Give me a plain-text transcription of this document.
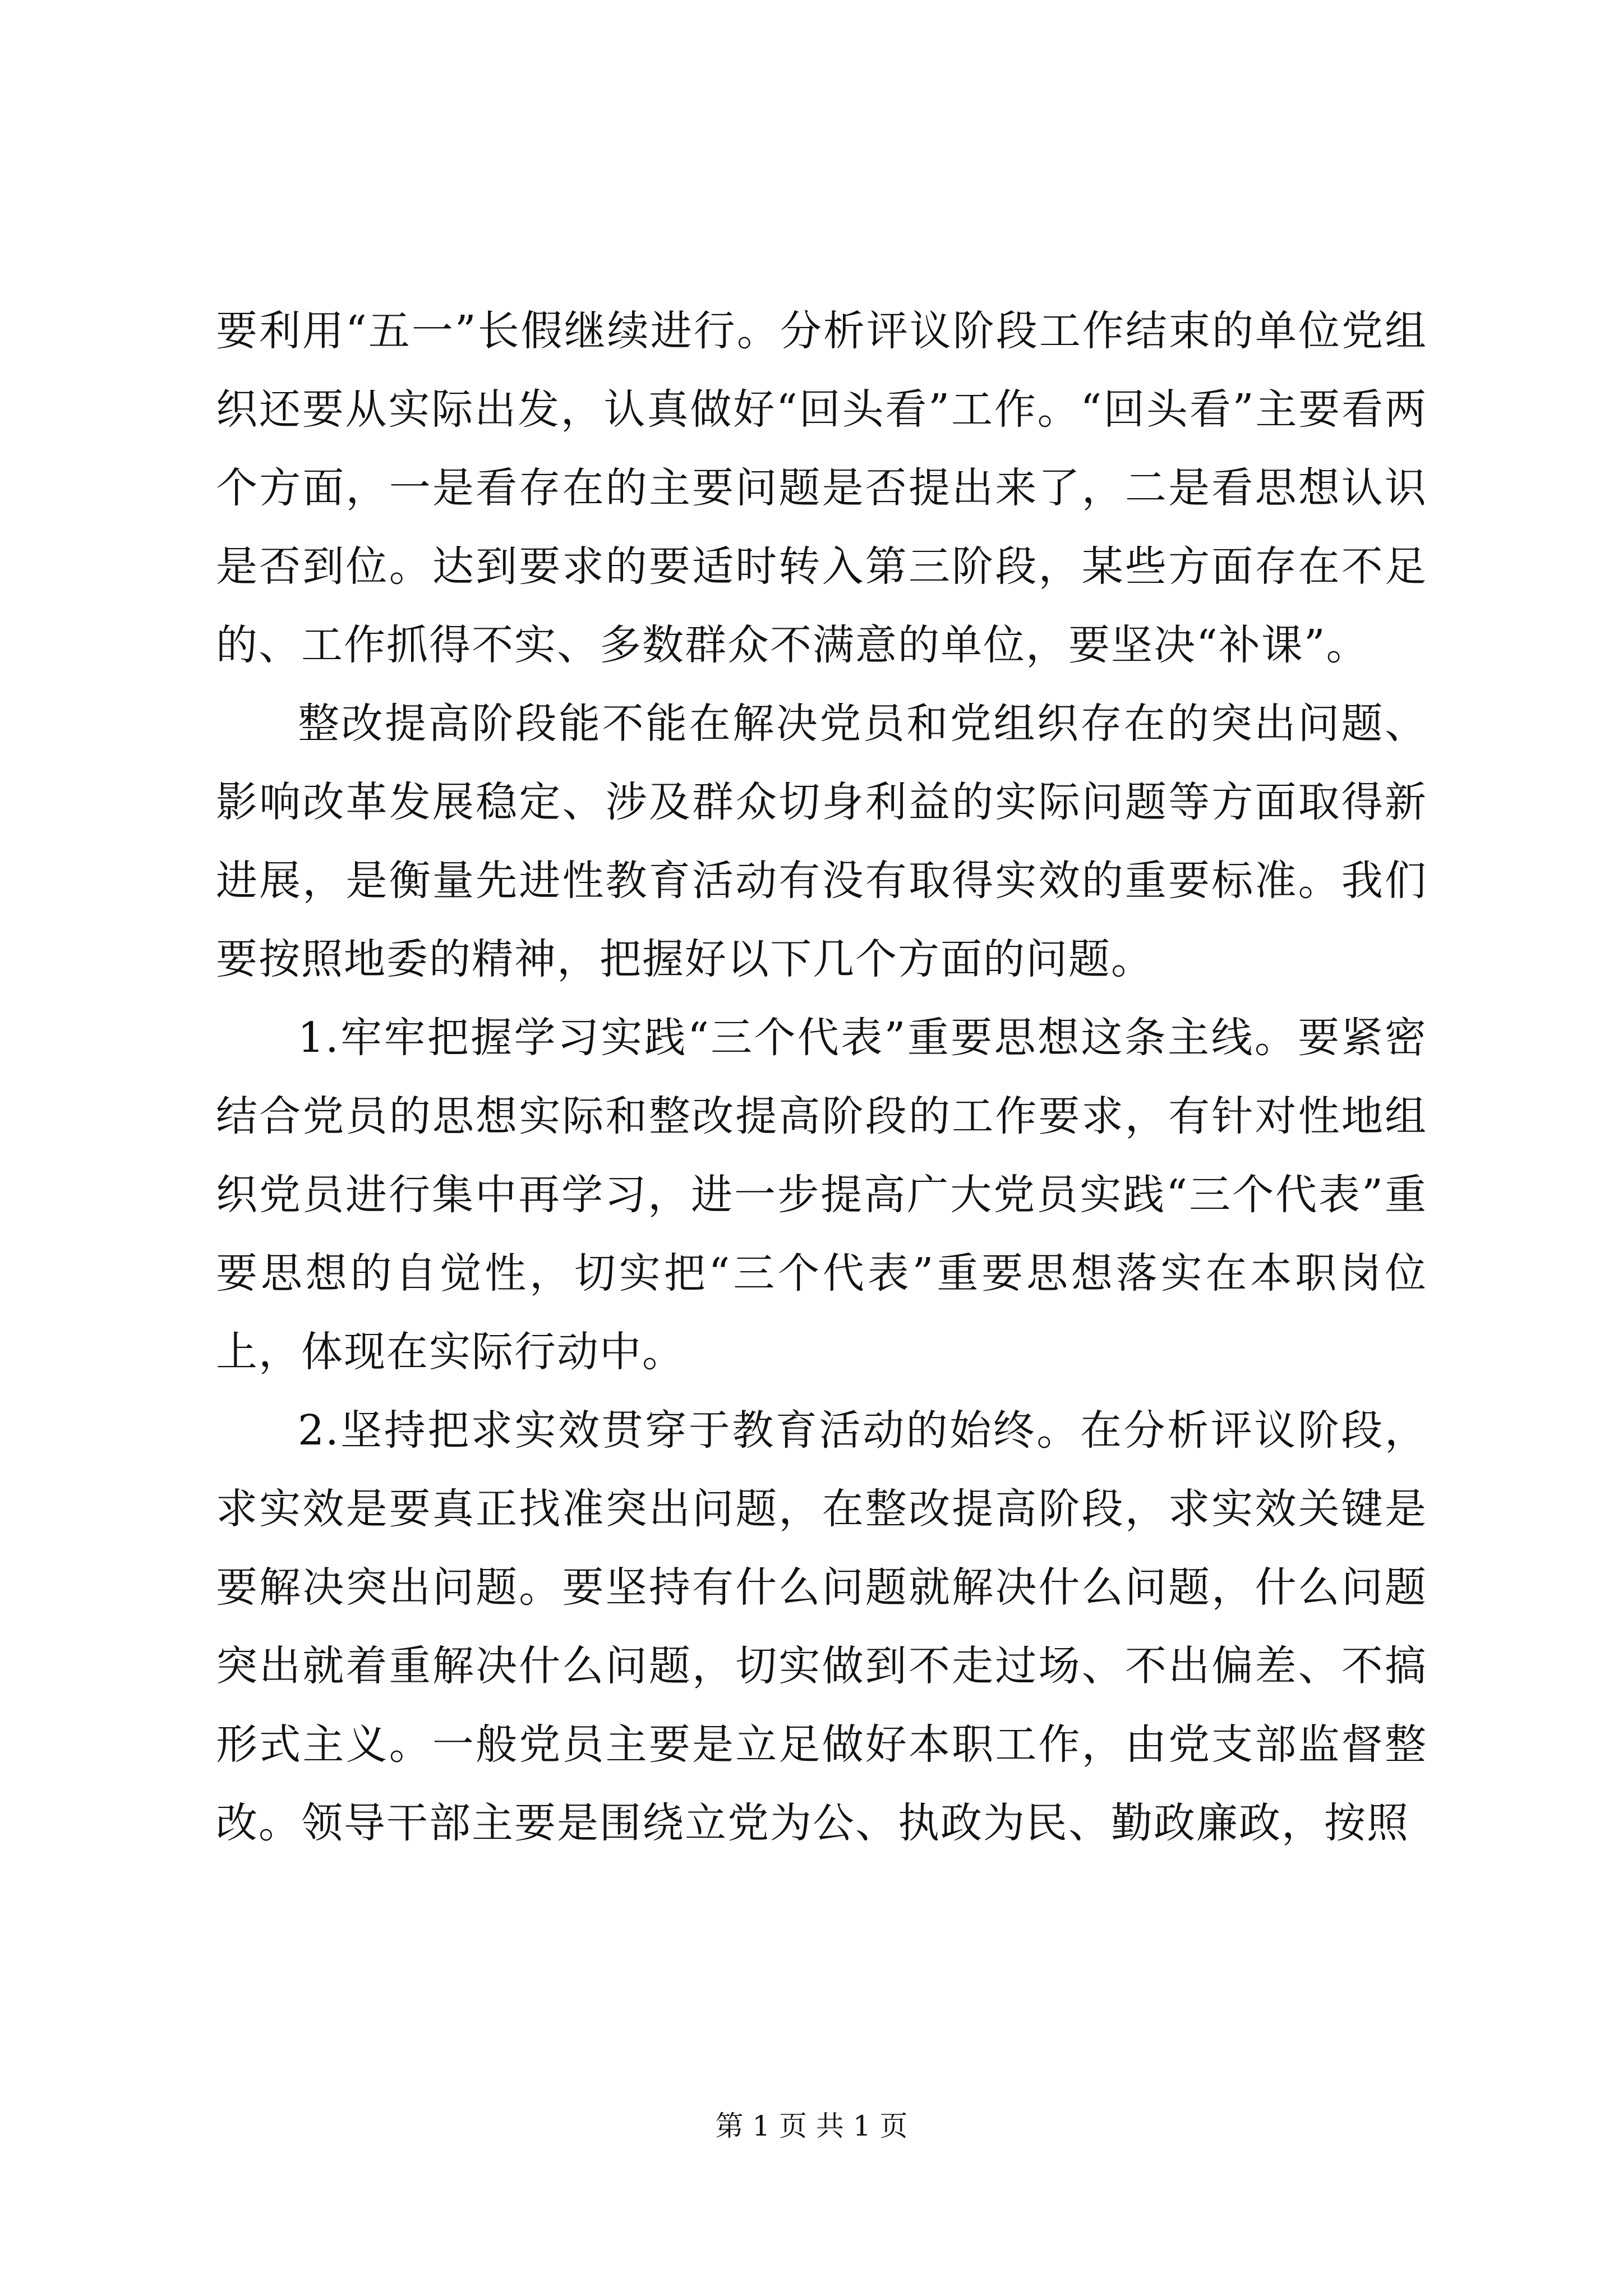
要利用“五一”长假继续进行。分析评议阶段工作结束的单位党组织还要从实际出发，认真做好“回头看”工作。“回头看”主要看两个方面，一是看存在的主要问题是否提出来了，二是看思想认识是否到位。达到要求的要适时转入第三阶段，某些方面存在不足的、工作抓得不实、多数群众不满意的单位，要坚决“补课”。

整改提高阶段能不能在解决党员和党组织存在的突出问题、影响改革发展稳定、涉及群众切身利益的实际问题等方面取得新进展，是衡量先进性教育活动有没有取得实效的重要标准。我们要按照地委的精神，把握好以下几个方面的问题。

1.牢牢把握学习实践“三个代表”重要思想这条主线。要紧密结合党员的思想实际和整改提高阶段的工作要求，有针对性地组织党员进行集中再学习，进一步提高广大党员实践“三个代表”重要思想的自觉性，切实把“三个代表”重要思想落实在本职岗位上，体现在实际行动中。

2.坚持把求实效贯穿于教育活动的始终。在分析评议阶段，求实效是要真正找准突出问题，在整改提高阶段，求实效关键是要解决突出问题。要坚持有什么问题就解决什么问题，什么问题突出就着重解决什么问题，切实做到不走过场、不出偏差、不搞形式主义。一般党员主要是立足做好本职工作，由党支部监督整改。领导干部主要是围绕立党为公、执政为民、勤政廉政，按照

第 1 页 共 1 页
